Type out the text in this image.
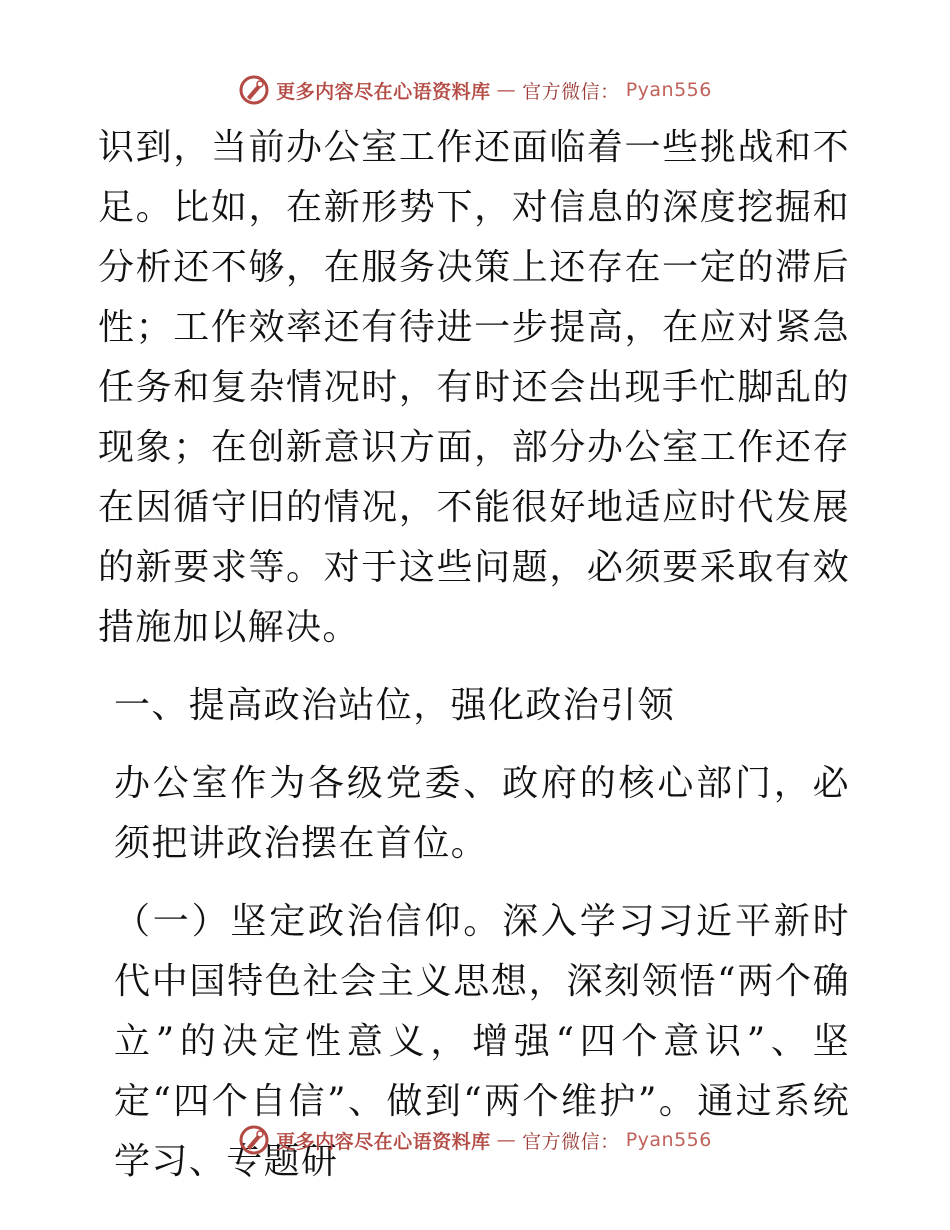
更多内容尽在心语资料库 — 官方微信： Pyan556

识到，当前办公室工作还面临着一些挑战和不足。比如，在新形势下，对信息的深度挖掘和分析还不够，在服务决策上还存在一定的滞后性；工作效率还有待进一步提高，在应对紧急任务和复杂情况时，有时还会出现手忙脚乱的现象；在创新意识方面，部分办公室工作还存在因循守旧的情况，不能很好地适应时代发展的新要求等。对于这些问题，必须要采取有效措施加以解决。

一、提高政治站位，强化政治引领

办公室作为各级党委、政府的核心部门，必须把讲政治摆在首位。

（一）坚定政治信仰。深入学习习近平新时代中国特色社会主义思想，深刻领悟“两个确立”的决定性意义，增强“四个意识”、坚定“四个自信”、做到“两个维护”。通过系统学习、专题研

更多内容尽在心语资料库 — 官方微信： Pyan556
